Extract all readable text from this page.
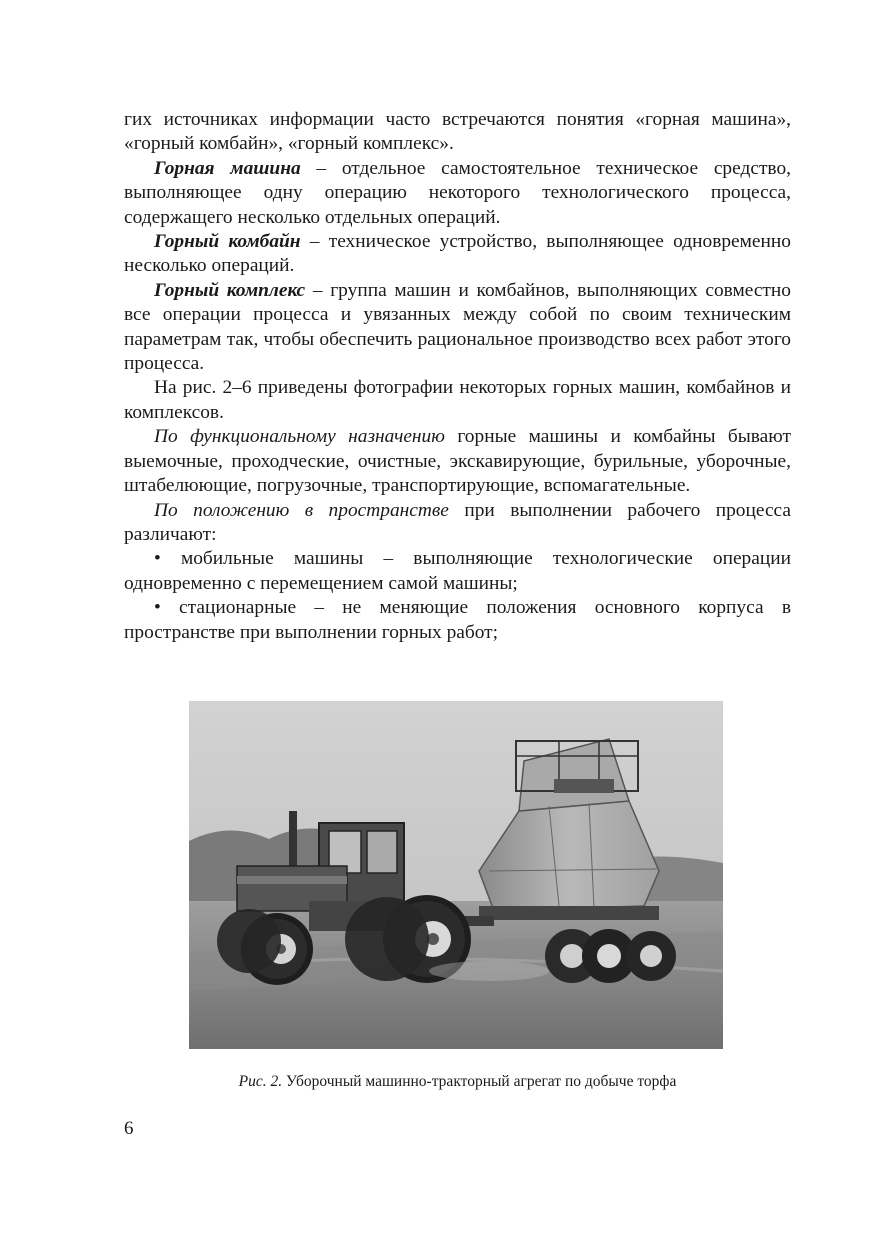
гих источниках информации часто встречаются понятия «горная машина», «горный комбайн», «горный комплекс».

Горная машина – отдельное самостоятельное техническое средство, выполняющее одну операцию некоторого технологического процесса, содержащего несколько отдельных операций.

Горный комбайн – техническое устройство, выполняющее одновременно несколько операций.

Горный комплекс – группа машин и комбайнов, выполняющих совместно все операции процесса и увязанных между собой по своим техническим параметрам так, чтобы обеспечить рациональное производство всех работ этого процесса.

На рис. 2–6 приведены фотографии некоторых горных машин, комбайнов и комплексов.

По функциональному назначению горные машины и комбайны бывают выемочные, проходческие, очистные, экскавирующие, бурильные, уборочные, штабелюющие, погрузочные, транспортирующие, вспомагательные.

По положению в пространстве при выполнении рабочего процесса различают:

• мобильные машины – выполняющие технологические операции одновременно с перемещением самой машины;

• стационарные – не меняющие положения основного корпуса в пространстве при выполнении горных работ;

Рис. 2. Уборочный машинно-тракторный агрегат по добыче торфа
6
